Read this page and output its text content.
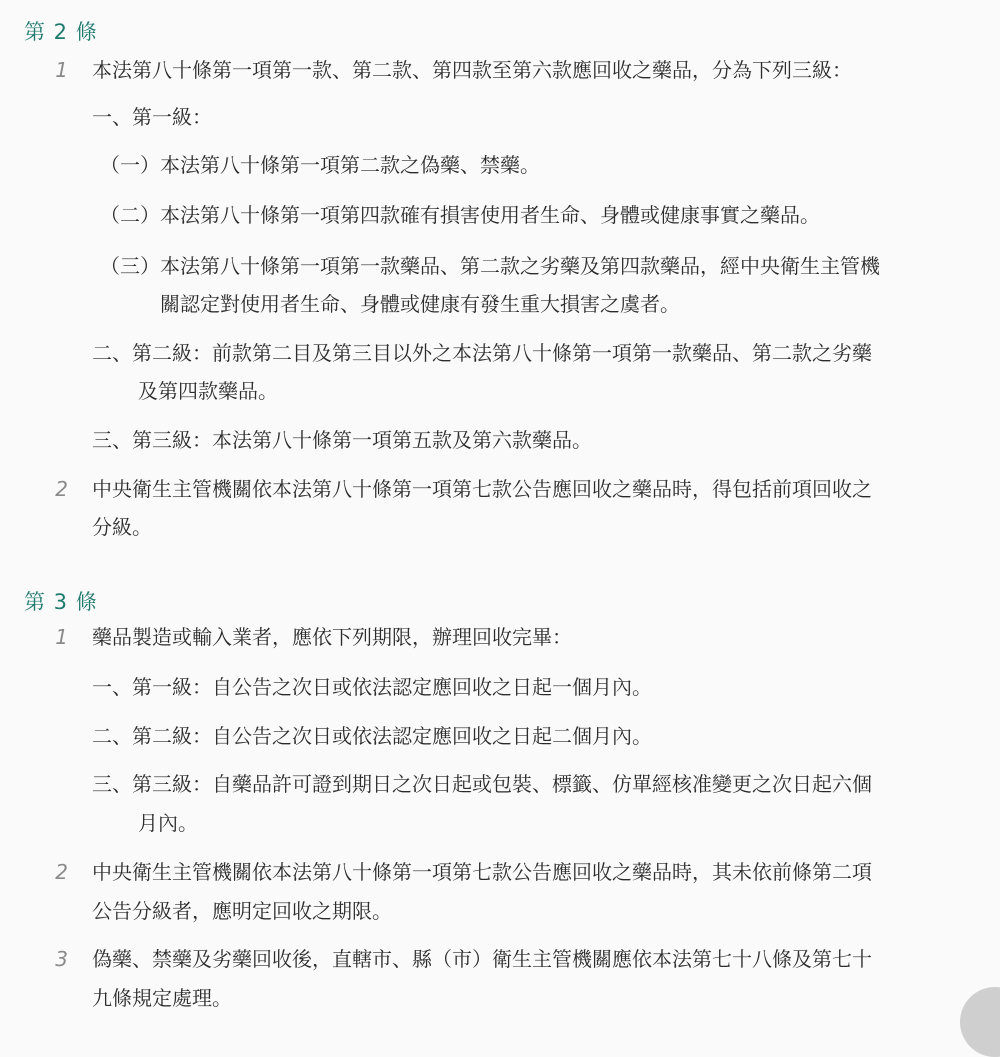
第 2 條
1 本法第八十條第一項第一款、第二款、第四款至第六款應回收之藥品，分為下列三級：
一、第一級：
（一）本法第八十條第一項第二款之偽藥、禁藥。
（二）本法第八十條第一項第四款確有損害使用者生命、身體或健康事實之藥品。
（三）本法第八十條第一項第一款藥品、第二款之劣藥及第四款藥品，經中央衛生主管機
關認定對使用者生命、身體或健康有發生重大損害之虞者。
二、第二級：前款第二目及第三目以外之本法第八十條第一項第一款藥品、第二款之劣藥
及第四款藥品。
三、第三級：本法第八十條第一項第五款及第六款藥品。
2 中央衛生主管機關依本法第八十條第一項第七款公告應回收之藥品時，得包括前項回收之
分級。
第 3 條
1 藥品製造或輸入業者，應依下列期限，辦理回收完畢：
一、第一級：自公告之次日或依法認定應回收之日起一個月內。
二、第二級：自公告之次日或依法認定應回收之日起二個月內。
三、第三級：自藥品許可證到期日之次日起或包裝、標籤、仿單經核准變更之次日起六個
月內。
2 中央衛生主管機關依本法第八十條第一項第七款公告應回收之藥品時，其未依前條第二項
公告分級者，應明定回收之期限。
3 偽藥、禁藥及劣藥回收後，直轄市、縣（市）衛生主管機關應依本法第七十八條及第七十
九條規定處理。
